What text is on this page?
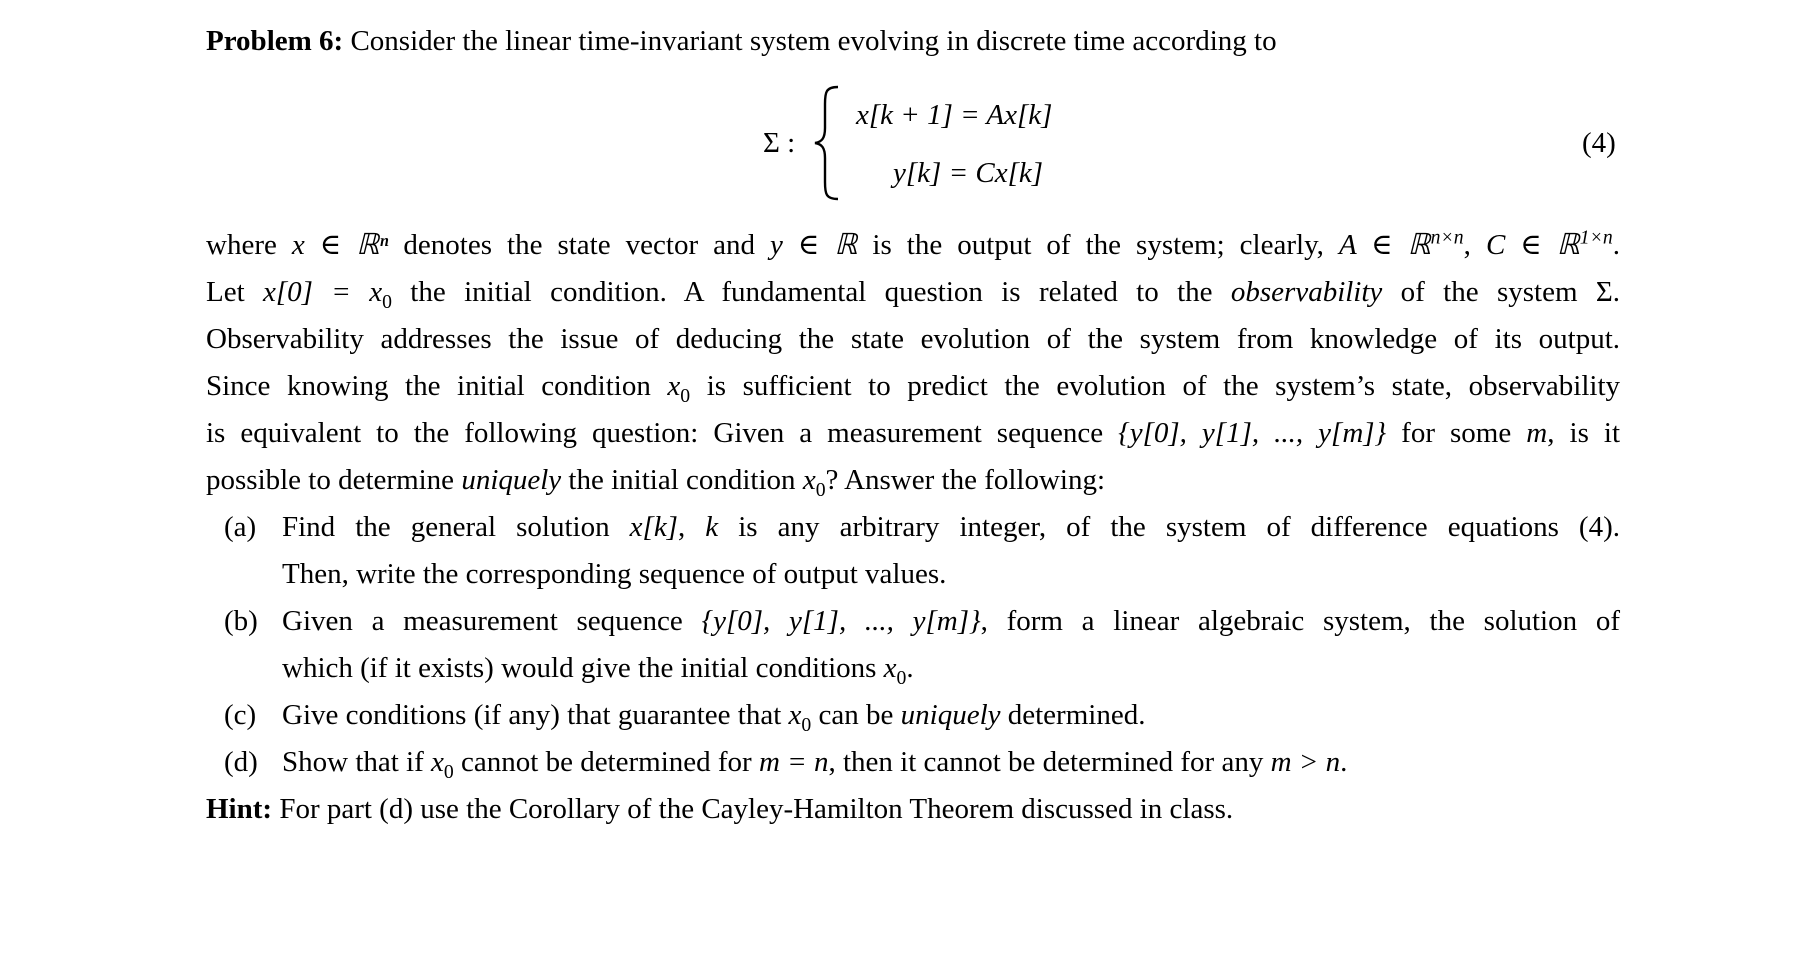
Problem 6: Consider the linear time-invariant system evolving in discrete time according to
Σ :
x[k + 1] = Ax[k]
y[k] = Cx[k]
(4)
where x ∈ ℝⁿ denotes the state vector and y ∈ ℝ is the output of the system; clearly, A ∈ ℝ$^{n\times n}$, C ∈ ℝ$^{1\times n}$.
Let $x[0] = x_0$ the initial condition. A fundamental question is related to the observability of the system Σ.
Observability addresses the issue of deducing the state evolution of the system from knowledge of its output.
Since knowing the initial condition $x_0$ is sufficient to predict the evolution of the system’s state, observability
is equivalent to the following question: Given a measurement sequence {y[0], y[1], ..., y[m]} for some m, is it
possible to determine uniquely the initial condition $x_0$? Answer the following:
(a) Find the general solution x[k], k is any arbitrary integer, of the system of difference equations (4).
Then, write the corresponding sequence of output values.
(b) Given a measurement sequence {y[0], y[1], ..., y[m]}, form a linear algebraic system, the solution of
which (if it exists) would give the initial conditions $x_0$.
(c) Give conditions (if any) that guarantee that $x_0$ can be uniquely determined.
(d) Show that if $x_0$ cannot be determined for m = n, then it cannot be determined for any m > n.
Hint: For part (d) use the Corollary of the Cayley-Hamilton Theorem discussed in class.
